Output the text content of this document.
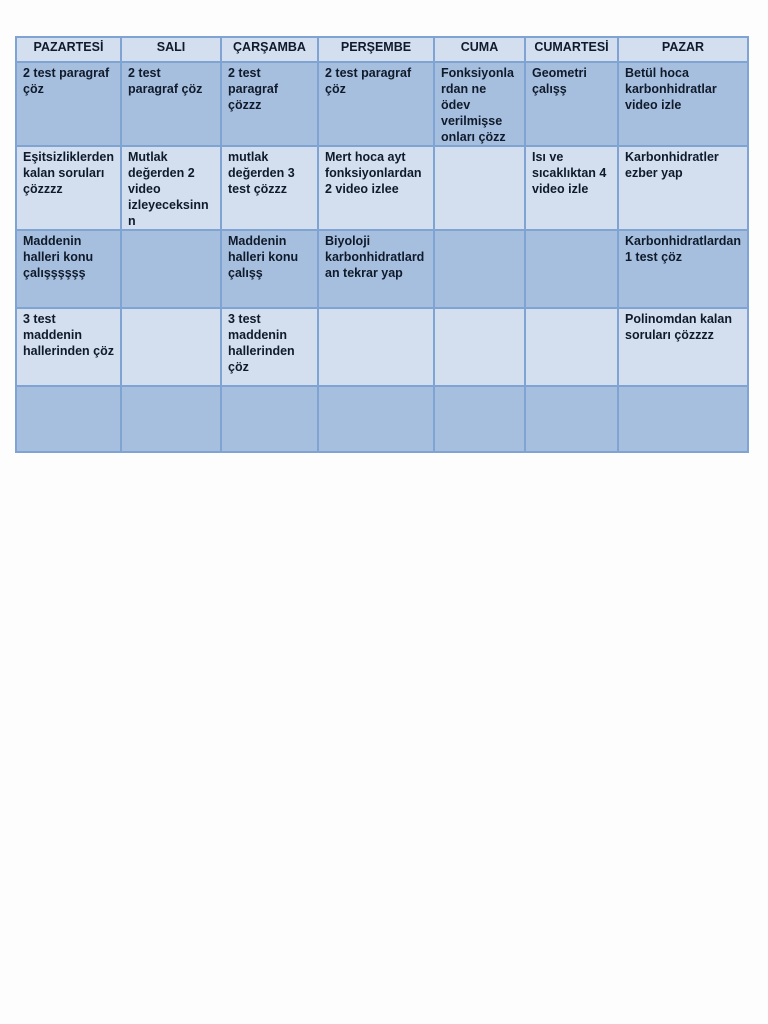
PAZARTESİ	SALI	ÇARŞAMBA	PERŞEMBE	CUMA	CUMARTESİ	PAZAR
2 test paragraf çöz	2 test paragraf çöz	2 test paragraf çözzz	2 test paragraf çöz	Fonksiyonlardan ne ödev verilmişse onları çözz	Geometri çalışş	Betül hoca karbonhidratlar video izle
Eşitsizliklerden kalan soruları çözzzz	Mutlak değerden 2 video izleyeceksinnn	mutlak değerden 3 test çözzz	Mert hoca ayt fonksiyonlardan 2 video izlee		Isı ve sıcaklıktan 4 video izle	Karbonhidratler ezber yap
Maddenin halleri konu çalışşşşşş		Maddenin halleri konu çalışş	Biyoloji karbonhidratlardan tekrar yap			Karbonhidratlardan 1 test çöz
3 test maddenin hallerinden çöz		3 test maddenin hallerinden çöz				Polinomdan kalan soruları çözzzz
